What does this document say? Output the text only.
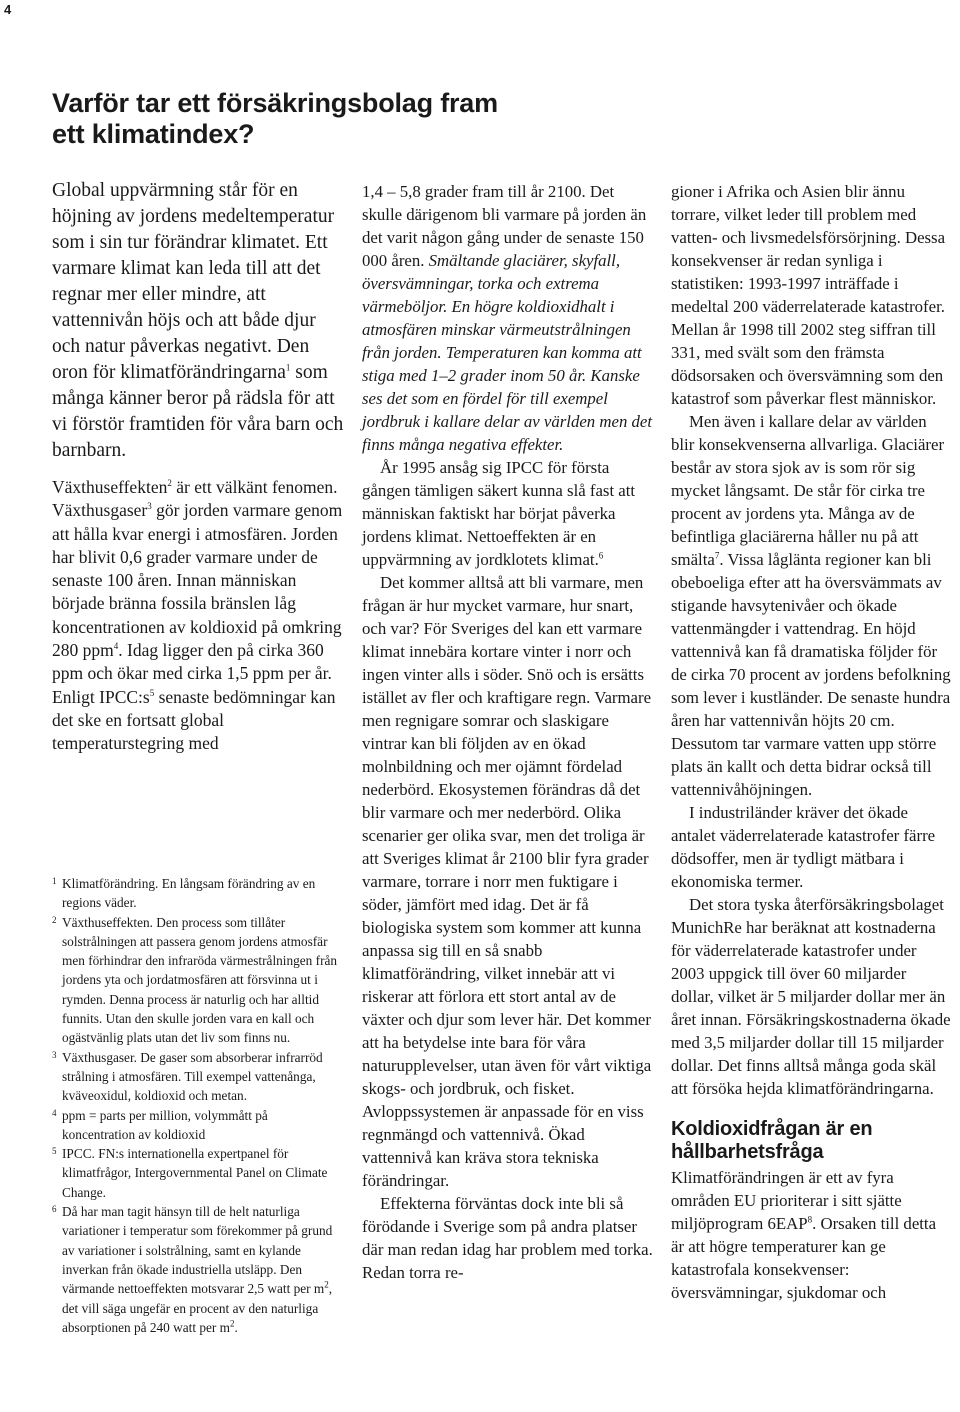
4
Varför tar ett försäkringsbolag fram ett klimatindex?

Global uppvärmning står för en höjning av jordens medeltemperatur som i sin tur förändrar klimatet. Ett varmare klimat kan leda till att det regnar mer eller mindre, att vattennivån höjs och att både djur och natur påverkas negativt. Den oron för klimatförändringarna$^1$ som många känner beror på rädsla för att vi förstör framtiden för våra barn och barnbarn.

Växthuseffekten$^2$ är ett välkänt fenomen. Växthusgaser$^3$ gör jorden varmare genom att hålla kvar energi i atmosfären. Jorden har blivit 0,6 grader varmare under de senaste 100 åren. Innan människan började bränna fossila bränslen låg koncentrationen av koldioxid på omkring 280 ppm$^4$. Idag ligger den på cirka 360 ppm och ökar med cirka 1,5 ppm per år. Enligt $IPCC:s^5$ senaste bedömningar kan det ske en fortsatt global temperaturstegring med

1 Klimatförändring. En långsam förändring av en regions väder.

2 Växthuseffekten. Den process som tillåter solstrålningen att passera genom jordens atmosfär men förhindrar den infraröda värmestrålningen från jordens yta och jordatmosfären att försvinna ut i rymden. Denna process är naturlig och har alltid funnits. Utan den skulle jorden vara en kall och ogästvänlig plats utan det liv som finns nu.

3 Växthusgaser. De gaser som absorberar infrarröd strålning i atmosfären. Till exempel vattenånga, kväveoxidul, koldioxid och metan.

4 ppm = parts per million, volymmått på koncentration av koldioxid

5 IPCC. FN:s internationella expertpanel för klimatfrågor, Intergovernmental Panel on Climate Change.

6 Då har man tagit hänsyn till de helt naturliga variationer i temperatur som förekommer på grund av variationer i solstrålning, samt en kylande inverkan från ökade industriella utsläpp. Den värmande nettoeffekten motsvarar 2,5 watt per $m^2$, det vill säga ungefär en procent av den naturliga absorptionen på 240 watt per $m^2$.

1,4 – 5,8 grader fram till år 2100. Det skulle därigenom bli varmare på jorden än det varit någon gång under de senaste 150 000 åren. Smältande glaciärer, skyfall, översvämningar, torka och extrema värmeböljor. En högre koldioxidhalt i atmosfären minskar värmeutstrålningen från jorden. Temperaturen kan komma att stiga med 1–2 grader inom 50 år. Kanske ses det som en fördel för till exempel jordbruk i kallare delar av världen men det finns många negativa effekter.

År 1995 ansåg sig IPCC för första gången tämligen säkert kunna slå fast att människan faktiskt har börjat påverka jordens klimat. Nettoeffekten är en uppvärmning av jordklotets klimat.$^6$

Det kommer alltså att bli varmare, men frågan är hur mycket varmare, hur snart, och var? För Sveriges del kan ett varmare klimat innebära kortare vinter i norr och ingen vinter alls i söder. Snö och is ersätts istället av fler och kraftigare regn. Varmare men regnigare somrar och slaskigare vintrar kan bli följden av en ökad molnbildning och mer ojämnt fördelad nederbörd. Ekosystemen förändras då det blir varmare och mer nederbörd. Olika scenarier ger olika svar, men det troliga är att Sveriges klimat år 2100 blir fyra grader varmare, torrare i norr men fuktigare i söder, jämfört med idag. Det är få biologiska system som kommer att kunna anpassa sig till en så snabb klimatförändring, vilket innebär att vi riskerar att förlora ett stort antal av de växter och djur som lever här. Det kommer att ha betydelse inte bara för våra naturupplevelser, utan även för vårt viktiga skogs- och jordbruk, och fisket. Avloppssystemen är anpassade för en viss regnmängd och vattennivå. Ökad vattennivå kan kräva stora tekniska förändringar.

Effekterna förväntas dock inte bli så förödande i Sverige som på andra platser där man redan idag har problem med torka. Redan torra re-

gioner i Afrika och Asien blir ännu torrare, vilket leder till problem med vatten- och livsmedelsförsörjning. Dessa konsekvenser är redan synliga i statistiken: 1993-1997 inträffade i medeltal 200 väderrelaterade katastrofer. Mellan år 1998 till 2002 steg siffran till 331, med svält som den främsta dödsorsaken och översvämning som den katastrof som påverkar flest människor.

Men även i kallare delar av världen blir konsekvenserna allvarliga. Glaciärer består av stora sjok av is som rör sig mycket långsamt. De står för cirka tre procent av jordens yta. Många av de befintliga glaciärerna håller nu på att smälta$^7$. Vissa låglänta regioner kan bli obeboeliga efter att ha översvämmats av stigande havsytenivåer och ökade vattenmängder i vattendrag. En höjd vattennivå kan få dramatiska följder för de cirka 70 procent av jordens befolkning som lever i kustländer. De senaste hundra åren har vattennivån höjts 20 cm. Dessutom tar varmare vatten upp större plats än kallt och detta bidrar också till vattennivåhöjningen.

I industriländer kräver det ökade antalet väderrelaterade katastrofer färre dödsoffer, men är tydligt mätbara i ekonomiska termer.

Det stora tyska återförsäkringsbolaget MunichRe har beräknat att kostnaderna för väderrelaterade katastrofer under 2003 uppgick till över 60 miljarder dollar, vilket är 5 miljarder dollar mer än året innan. Försäkringskostnaderna ökade med 3,5 miljarder dollar till 15 miljarder dollar. Det finns alltså många goda skäl att försöka hejda klimatförändringarna.

Koldioxidfrågan är en hållbarhetsfråga

Klimatförändringen är ett av fyra områden EU prioriterar i sitt sjätte miljöprogram 6EAP$^8$. Orsaken till detta är att högre temperaturer kan ge katastrofala konsekvenser: översvämningar, sjukdomar och
